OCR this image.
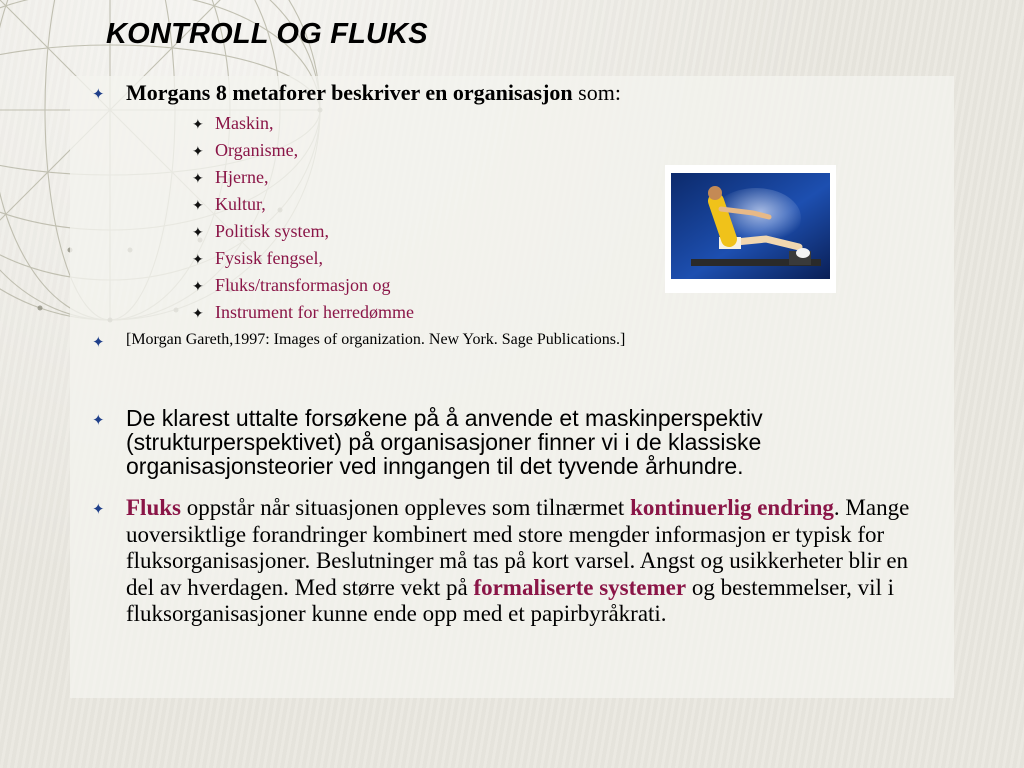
KONTROLL OG FLUKS
✦ Morgans 8 metaforer beskriver en organisasjon som:
✦ Maskin,
✦ Organisme,
✦ Hjerne,
✦ Kultur,
✦ Politisk system,
✦ Fysisk fengsel,
✦ Fluks/transformasjon og
✦ Instrument for herredømme
✦ [Morgan Gareth,1997: Images of organization. New York. Sage Publications.]
✦ De klarest uttalte forsøkene på å anvende et maskinperspektiv (strukturperspektivet) på organisasjoner finner vi i de klassiske organisasjonsteorier ved inngangen til det tyvende århundre.
✦ Fluks oppstår når situasjonen oppleves som tilnærmet kontinuerlig endring. Mange uoversiktlige forandringer kombinert med store mengder informasjon er typisk for fluksorganisasjoner. Beslutninger må tas på kort varsel. Angst og usikkerheter blir en del av hverdagen. Med større vekt på formaliserte systemer og bestemmelser, vil i fluksorganisasjoner kunne ende opp med et papirbyråkrati.
